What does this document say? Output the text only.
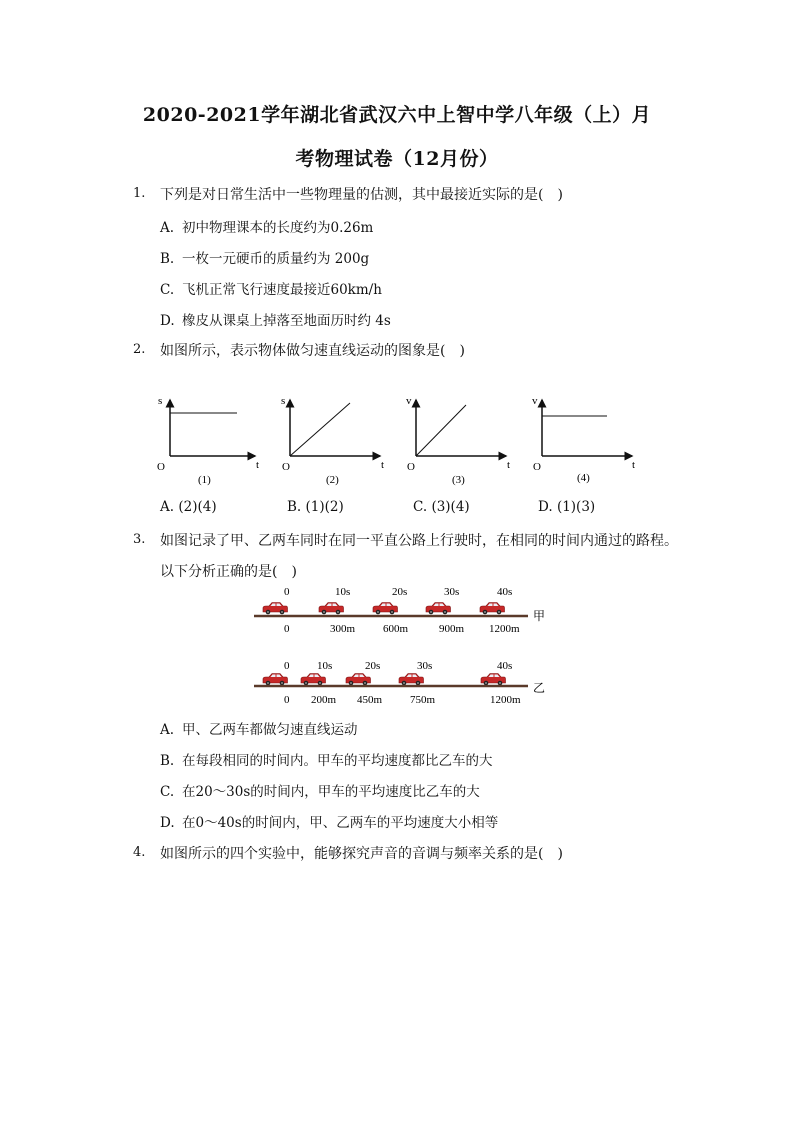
2020-2021学年湖北省武汉六中上智中学八年级（上）月
考物理试卷（12月份）
1. 下列是对日常生活中一些物理量的估测，其中最接近实际的是(　)
A. 初中物理课本的长度约为0.26m
B. 一枚一元硬币的质量约为 200g
C. 飞机正常飞行速度最接近60km/h
D. 橡皮从课桌上掉落至地面历时约 4s
2. 如图所示，表示物体做匀速直线运动的图象是(　)
s
t
O
(1)
s
t
O
(2)
v
t
O
(3)
v
t
O
(4)
A. (2)(4)	B. (1)(2)	C. (3)(4)	D. (1)(3)
3. 如图记录了甲、乙两车同时在同一平直公路上行驶时，在相同的时间内通过的路程。
以下分析正确的是(　)
0	10s	20s	30s	40s
甲
0	300m	600m	900m 1200m
0	10s	20s	30s	40s
乙
0 200m 450m	750m	1200m
A. 甲、乙两车都做匀速直线运动
B. 在每段相同的时间内。甲车的平均速度都比乙车的大
C. 在20～30s的时间内，甲车的平均速度比乙车的大
D. 在0～40s的时间内，甲、乙两车的平均速度大小相等
4. 如图所示的四个实验中，能够探究声音的音调与频率关系的是(　)
